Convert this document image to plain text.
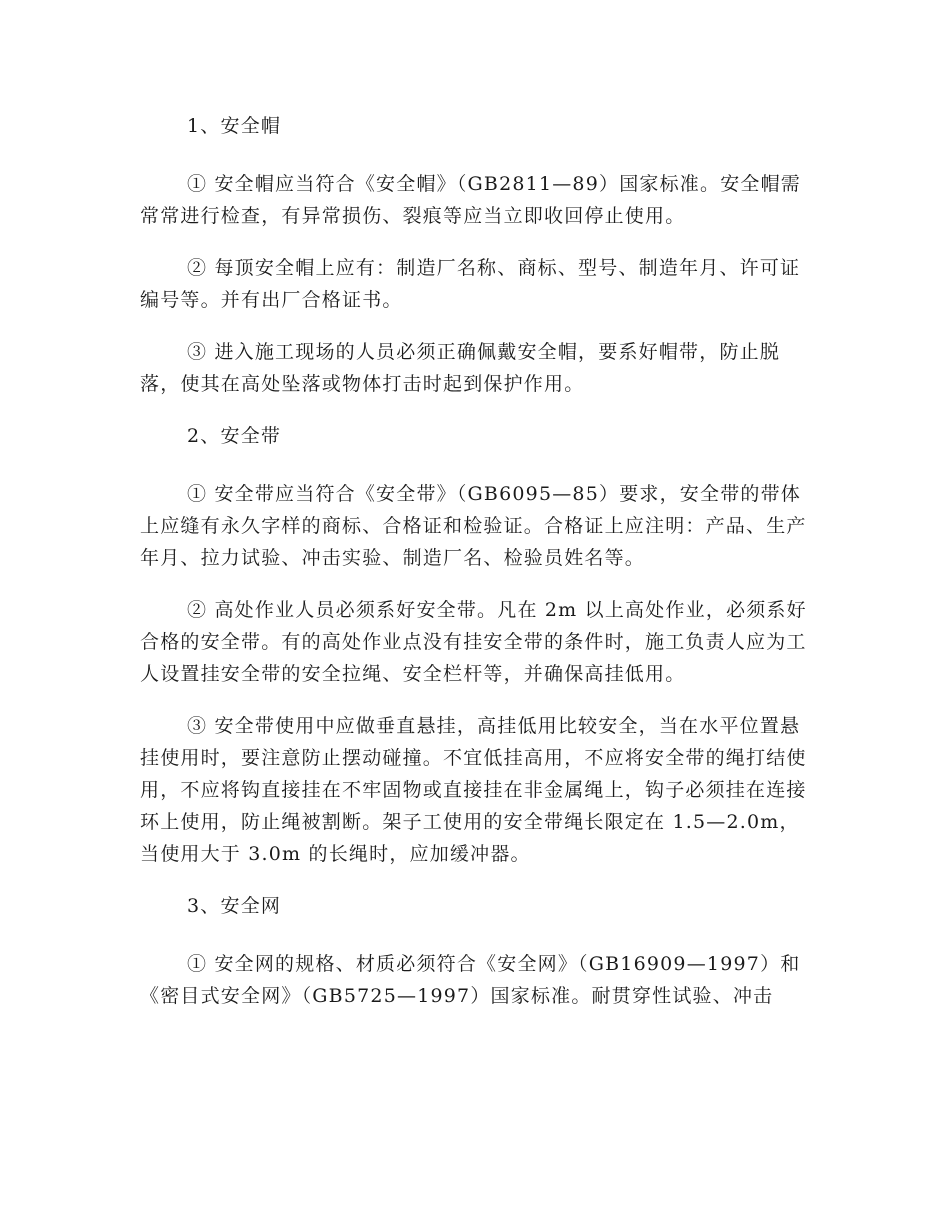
1、安全帽

① 安全帽应当符合《安全帽》（GB2811—89）国家标准。安全帽需常常进行检查，有异常损伤、裂痕等应当立即收回停止使用。

② 每顶安全帽上应有：制造厂名称、商标、型号、制造年月、许可证编号等。并有出厂合格证书。

③ 进入施工现场的人员必须正确佩戴安全帽，要系好帽带，防止脱落，使其在高处坠落或物体打击时起到保护作用。

2、安全带

① 安全带应当符合《安全带》（GB6095—85）要求，安全带的带体上应缝有永久字样的商标、合格证和检验证。合格证上应注明：产品、生产年月、拉力试验、冲击实验、制造厂名、检验员姓名等。

② 高处作业人员必须系好安全带。凡在 2m 以上高处作业，必须系好合格的安全带。有的高处作业点没有挂安全带的条件时，施工负责人应为工人设置挂安全带的安全拉绳、安全栏杆等，并确保高挂低用。

③ 安全带使用中应做垂直悬挂，高挂低用比较安全，当在水平位置悬挂使用时，要注意防止摆动碰撞。不宜低挂高用，不应将安全带的绳打结使用，不应将钩直接挂在不牢固物或直接挂在非金属绳上，钩子必须挂在连接环上使用，防止绳被割断。架子工使用的安全带绳长限定在 1.5—2.0m，当使用大于 3.0m 的长绳时，应加缓冲器。

3、安全网

① 安全网的规格、材质必须符合《安全网》（GB16909—1997）和《密目式安全网》（GB5725—1997）国家标准。耐贯穿性试验、冲击
